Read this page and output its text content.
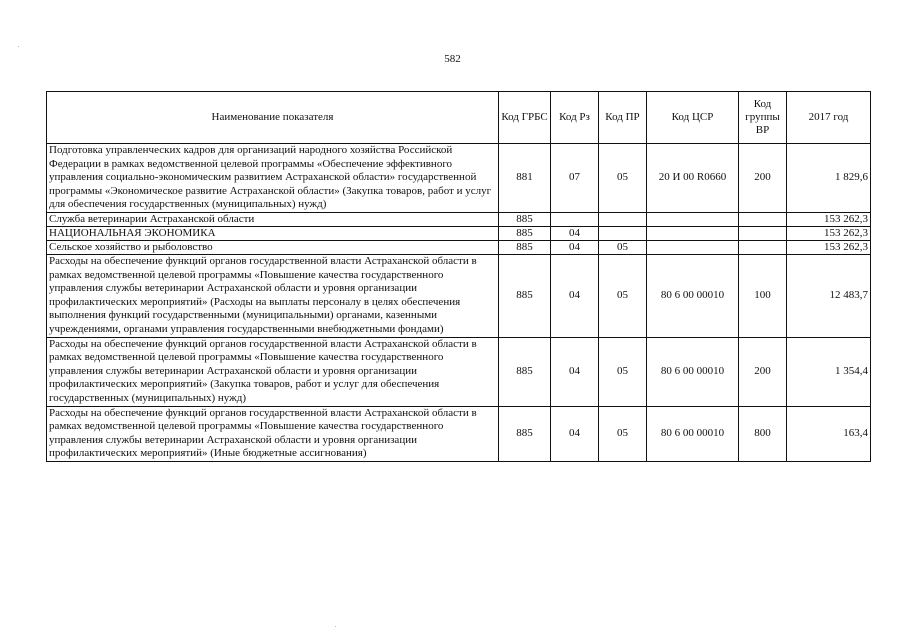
582
Наименование показателя	Код ГРБС	Код Рз	Код ПР	Код ЦСР	Код группы ВР	2017 год
Подготовка управленческих кадров для организаций народного хозяйства Российской Федерации в рамках ведомственной целевой программы «Обеспечение эффективного управления социально-экономическим развитием Астраханской области» государственной программы «Экономическое развитие Астраханской области» (Закупка товаров, работ и услуг для обеспечения государственных (муниципальных) нужд)	881	07	05	20 И 00 R0660	200	1 829,6
Служба ветеринарии Астраханской области	885					153 262,3
НАЦИОНАЛЬНАЯ ЭКОНОМИКА	885	04				153 262,3
Сельское хозяйство и рыболовство	885	04	05			153 262,3
Расходы на обеспечение функций органов государственной власти Астраханской области в рамках ведомственной целевой программы «Повышение качества государственного управления службы ветеринарии Астраханской области и уровня организации профилактических мероприятий» (Расходы на выплаты персоналу в целях обеспечения выполнения функций государственными (муниципальными) органами, казенными учреждениями, органами управления государственными внебюджетными фондами)	885	04	05	80 6 00 00010	100	12 483,7
Расходы на обеспечение функций органов государственной власти Астраханской области в рамках ведомственной целевой программы «Повышение качества государственного управления службы ветеринарии Астраханской области и уровня организации профилактических мероприятий» (Закупка товаров, работ и услуг для обеспечения государственных (муниципальных) нужд)	885	04	05	80 6 00 00010	200	1 354,4
Расходы на обеспечение функций органов государственной власти Астраханской области в рамках ведомственной целевой программы «Повышение качества государственного управления службы ветеринарии Астраханской области и уровня организации профилактических мероприятий» (Иные бюджетные ассигнования)	885	04	05	80 6 00 00010	800	163,4
